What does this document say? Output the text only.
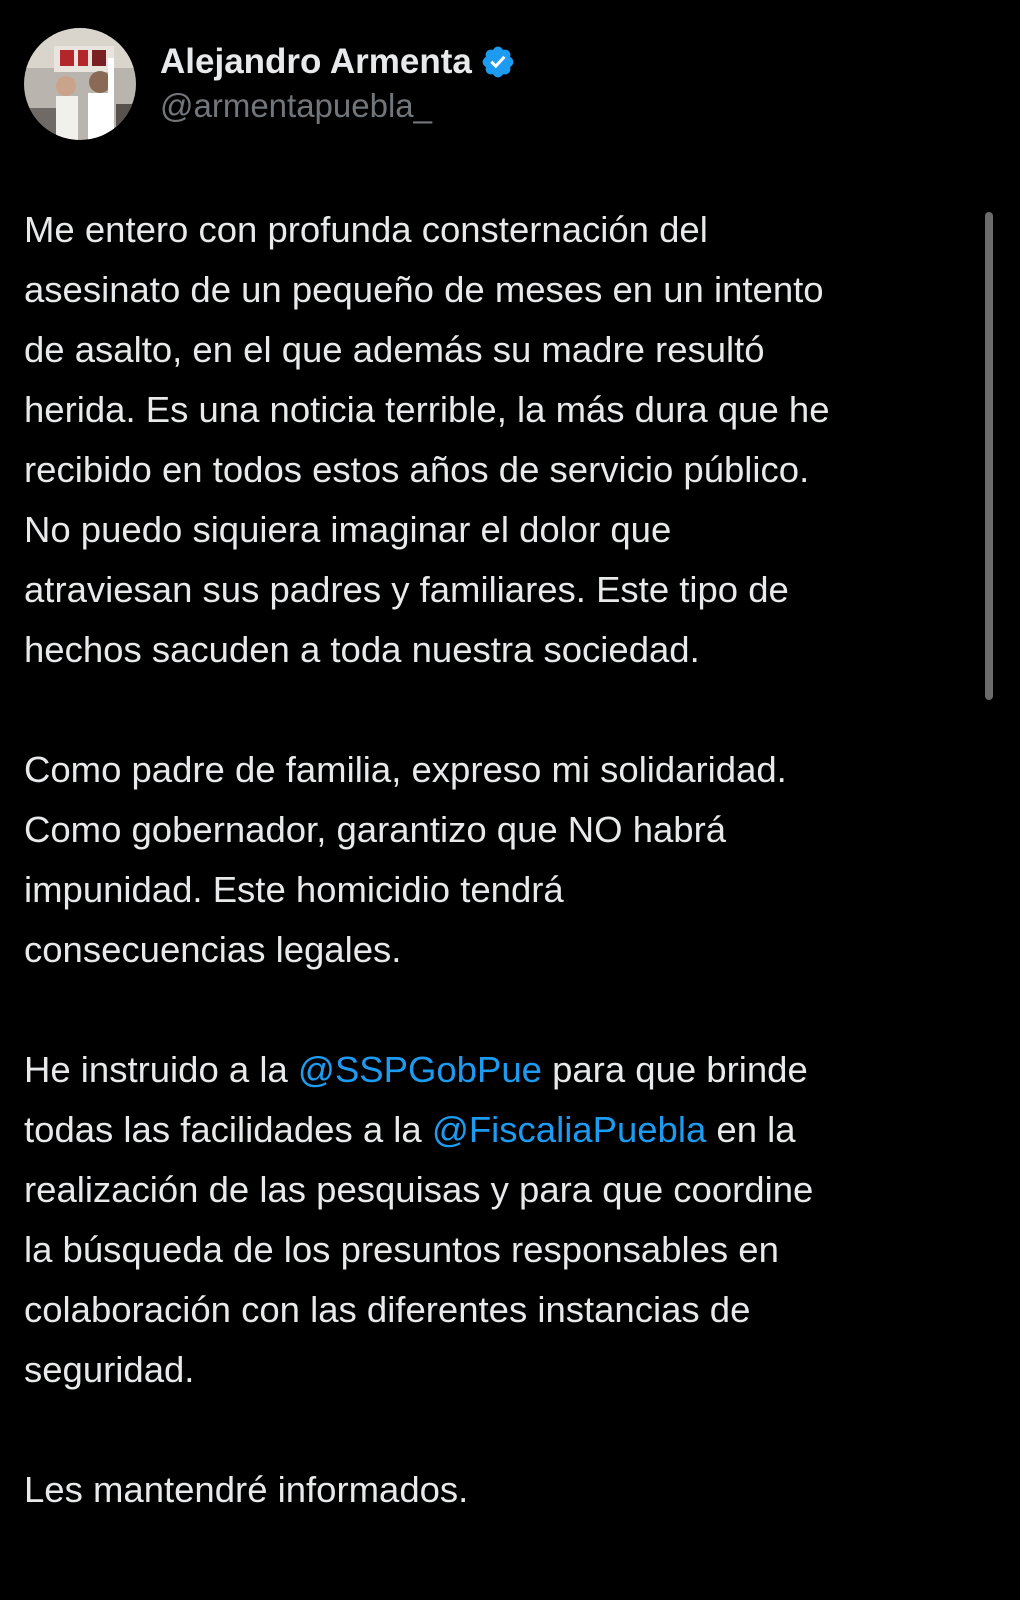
Alejandro Armenta
@armentapuebla_
Me entero con profunda consternación del
asesinato de un pequeño de meses en un intento
de asalto, en el que además su madre resultó
herida. Es una noticia terrible, la más dura que he
recibido en todos estos años de servicio público.
No puedo siquiera imaginar el dolor que
atraviesan sus padres y familiares. Este tipo de
hechos sacuden a toda nuestra sociedad.
Como padre de familia, expreso mi solidaridad.
Como gobernador, garantizo que NO habrá
impunidad. Este homicidio tendrá
consecuencias legales.
He instruido a la @SSPGobPue para que brinde
todas las facilidades a la @FiscaliaPuebla en la
realización de las pesquisas y para que coordine
la búsqueda de los presuntos responsables en
colaboración con las diferentes instancias de
seguridad.
Les mantendré informados.
